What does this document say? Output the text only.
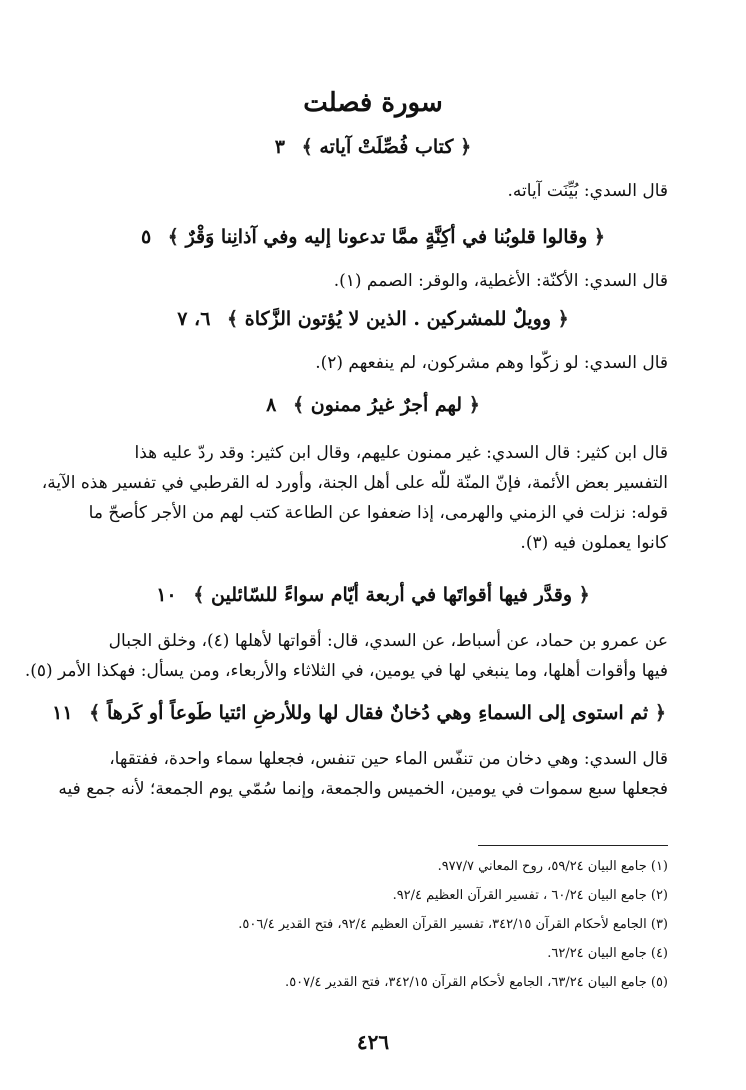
سورة فصلت
﴿ كتاب فُصِّلَتْ آياته ﴾ ٣
قال السدي: بُيِّنَت آياته.
﴿ وقالوا قلوبُنا في أكِنَّةٍ ممَّا تدعونا إليه وفي آذانِنا وَقْرٌ ﴾ ٥
قال السدي: الأكنّة: الأغطية، والوقر: الصمم (١).
﴿ وويلٌ للمشركين . الذين لا يُؤتون الزَّكاة ﴾ ٦، ٧
قال السدي: لو زكّوا وهم مشركون، لم ينفعهم (٢).
﴿ لهم أجرٌ غيرُ ممنون ﴾ ٨
قال ابن كثير: قال السدي: غير ممنون عليهم، وقال ابن كثير: وقد ردّ عليه هذا
التفسير بعض الأئمة، فإنّ المنّة للّه على أهل الجنة، وأورد له القرطبي في تفسير هذه الآية،
قوله: نزلت في الزمني والهرمى، إذا ضعفوا عن الطاعة كتب لهم من الأجر كأصحّ ما
كانوا يعملون فيه (٣).
﴿ وقدَّر فيها أقواتَها في أربعة أيّام سواءً للسّائلين ﴾ ١٠
عن عمرو بن حماد، عن أسباط، عن السدي، قال: أقواتها لأهلها (٤)، وخلق الجبال
فيها وأقوات أهلها، وما ينبغي لها في يومين، في الثلاثاء والأربعاء، ومن يسأل: فهكذا الأمر (٥).
﴿ ثم استوى إلى السماءِ وهي دُخانٌ فقال لها وللأرضِ ائتيا طَوعاً أو كَرهاً ﴾ ١١
قال السدي: وهي دخان من تنفّس الماء حين تنفس، فجعلها سماء واحدة، ففتقها،
فجعلها سبع سموات في يومين، الخميس والجمعة، وإنما سُمّي يوم الجمعة؛ لأنه جمع فيه
(١) جامع البيان ٥٩/٢٤، روح المعاني ٩٧٧/٧.
(٢) جامع البيان ٦٠/٢٤ ، تفسير القرآن العظيم ٩٢/٤.
(٣) الجامع لأحكام القرآن ٣٤٢/١٥، تفسير القرآن العظيم ٩٢/٤، فتح القدير ٥٠٦/٤.
(٤) جامع البيان ٦٢/٢٤.
(٥) جامع البيان ٦٣/٢٤، الجامع لأحكام القرآن ٣٤٢/١٥، فتح القدير ٥٠٧/٤.
٤٢٦
